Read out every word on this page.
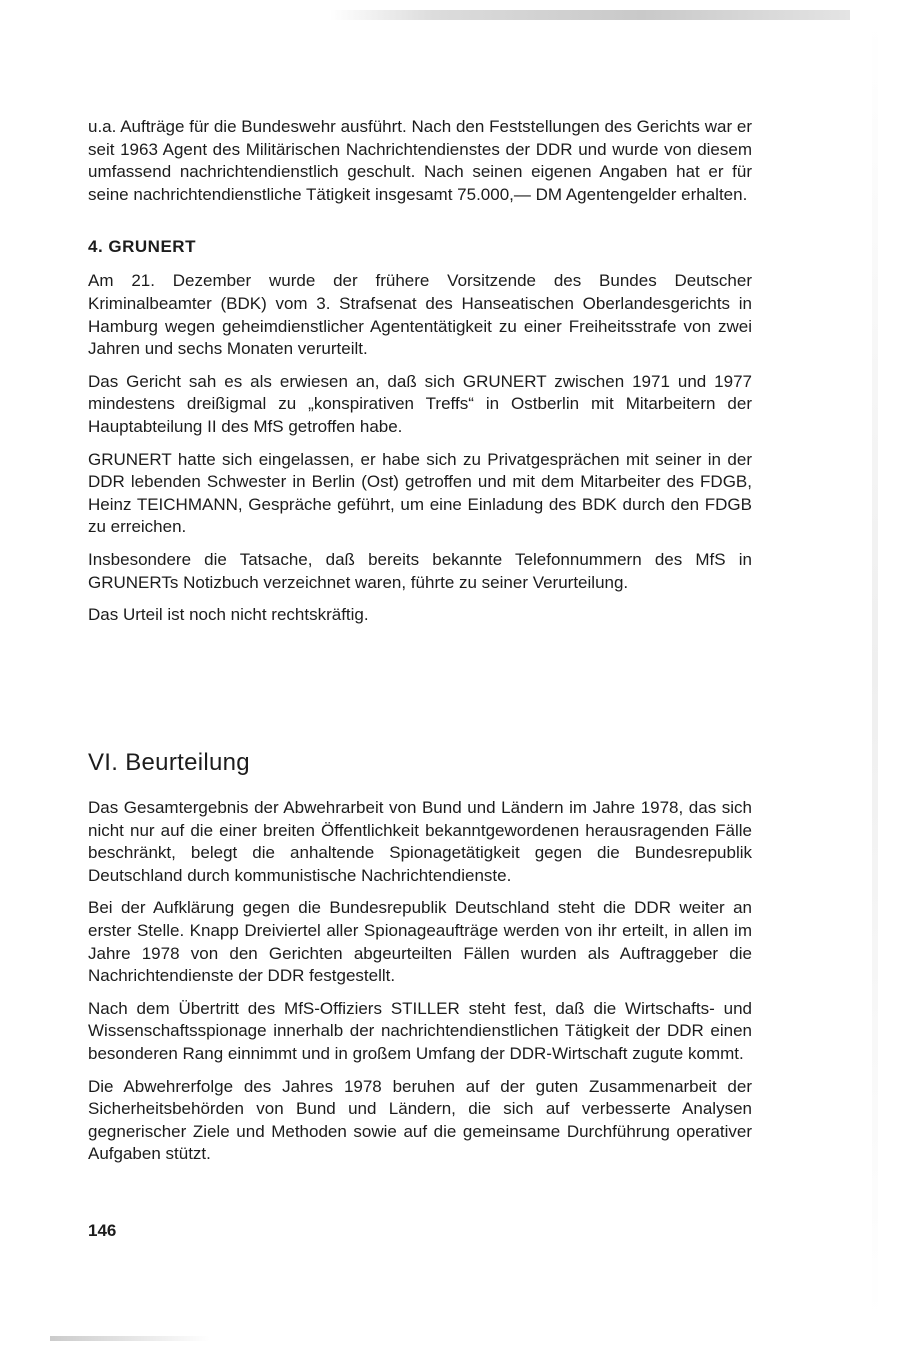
u.a. Aufträge für die Bundeswehr ausführt. Nach den Feststellungen des Gerichts war er seit 1963 Agent des Militärischen Nachrichtendienstes der DDR und wurde von diesem umfassend nachrichtendienstlich geschult. Nach seinen eigenen Angaben hat er für seine nachrichtendienstliche Tätigkeit insgesamt 75.000,— DM Agentengelder erhalten.

4. GRUNERT

Am 21. Dezember wurde der frühere Vorsitzende des Bundes Deutscher Kriminalbeamter (BDK) vom 3. Strafsenat des Hanseatischen Oberlandesgerichts in Hamburg wegen geheimdienstlicher Agententätigkeit zu einer Freiheitsstrafe von zwei Jahren und sechs Monaten verurteilt.

Das Gericht sah es als erwiesen an, daß sich GRUNERT zwischen 1971 und 1977 mindestens dreißigmal zu „konspirativen Treffs“ in Ostberlin mit Mitarbeitern der Hauptabteilung II des MfS getroffen habe.

GRUNERT hatte sich eingelassen, er habe sich zu Privatgesprächen mit seiner in der DDR lebenden Schwester in Berlin (Ost) getroffen und mit dem Mitarbeiter des FDGB, Heinz TEICHMANN, Gespräche geführt, um eine Einladung des BDK durch den FDGB zu erreichen.

Insbesondere die Tatsache, daß bereits bekannte Telefonnummern des MfS in GRUNERTs Notizbuch verzeichnet waren, führte zu seiner Verurteilung.

Das Urteil ist noch nicht rechtskräftig.

VI. Beurteilung

Das Gesamtergebnis der Abwehrarbeit von Bund und Ländern im Jahre 1978, das sich nicht nur auf die einer breiten Öffentlichkeit bekanntgewordenen herausragenden Fälle beschränkt, belegt die anhaltende Spionagetätigkeit gegen die Bundesrepublik Deutschland durch kommunistische Nachrichtendienste.

Bei der Aufklärung gegen die Bundesrepublik Deutschland steht die DDR weiter an erster Stelle. Knapp Dreiviertel aller Spionageaufträge werden von ihr erteilt, in allen im Jahre 1978 von den Gerichten abgeurteilten Fällen wurden als Auftraggeber die Nachrichtendienste der DDR festgestellt.

Nach dem Übertritt des MfS-Offiziers STILLER steht fest, daß die Wirtschafts- und Wissenschaftsspionage innerhalb der nachrichtendienstlichen Tätigkeit der DDR einen besonderen Rang einnimmt und in großem Umfang der DDR-Wirtschaft zugute kommt.

Die Abwehrerfolge des Jahres 1978 beruhen auf der guten Zusammenarbeit der Sicherheitsbehörden von Bund und Ländern, die sich auf verbesserte Analysen gegnerischer Ziele und Methoden sowie auf die gemeinsame Durchführung operativer Aufgaben stützt.

146
